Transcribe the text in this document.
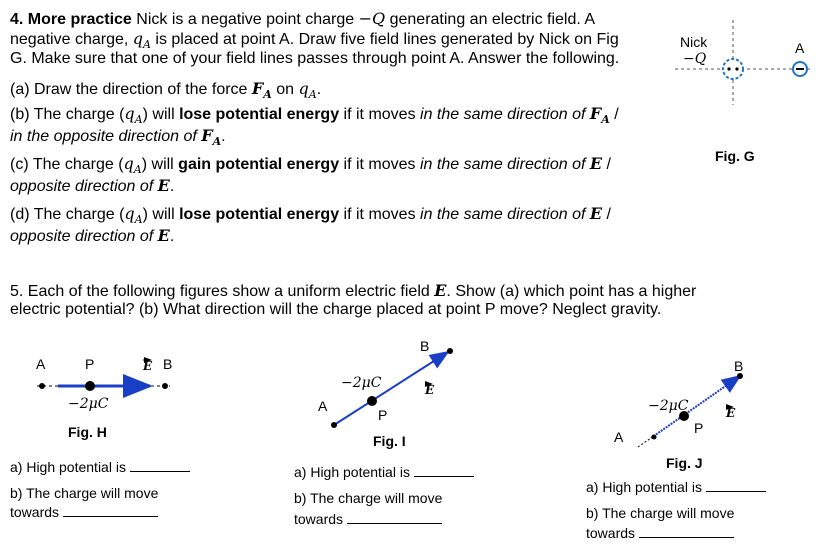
4. More practice Nick is a negative point charge −Q generating an electric field. A
negative charge, $q_A$ is placed at point A. Draw five field lines generated by Nick on Fig
G. Make sure that one of your field lines passes through point A. Answer the following.
(a) Draw the direction of the force $F_A$ on $q_A$.
(b) The charge $(q_A)$ will lose potential energy if it moves in the same direction of $F_A$ /
in the opposite direction of $F_A$.
(c) The charge $(q_A)$ will gain potential energy if it moves in the same direction of E /
opposite direction of E.
(d) The charge $(q_A)$ will lose potential energy if it moves in the same direction of E /
opposite direction of E.
Nick
−Q
A
Fig. G
5. Each of the following figures show a uniform electric field E. Show (a) which point has a higher
electric potential? (b) What direction will the charge placed at point P move? Neglect gravity.
A	P	E B
−2μC
Fig. H
a) High potential is
b) The charge will move
towards
B
E
−2μC
A
P
Fig. I
a) High potential is
b) The charge will move
towards
B
−2μC	E
A
P
Fig. J
a) High potential is
b) The charge will move
towards
